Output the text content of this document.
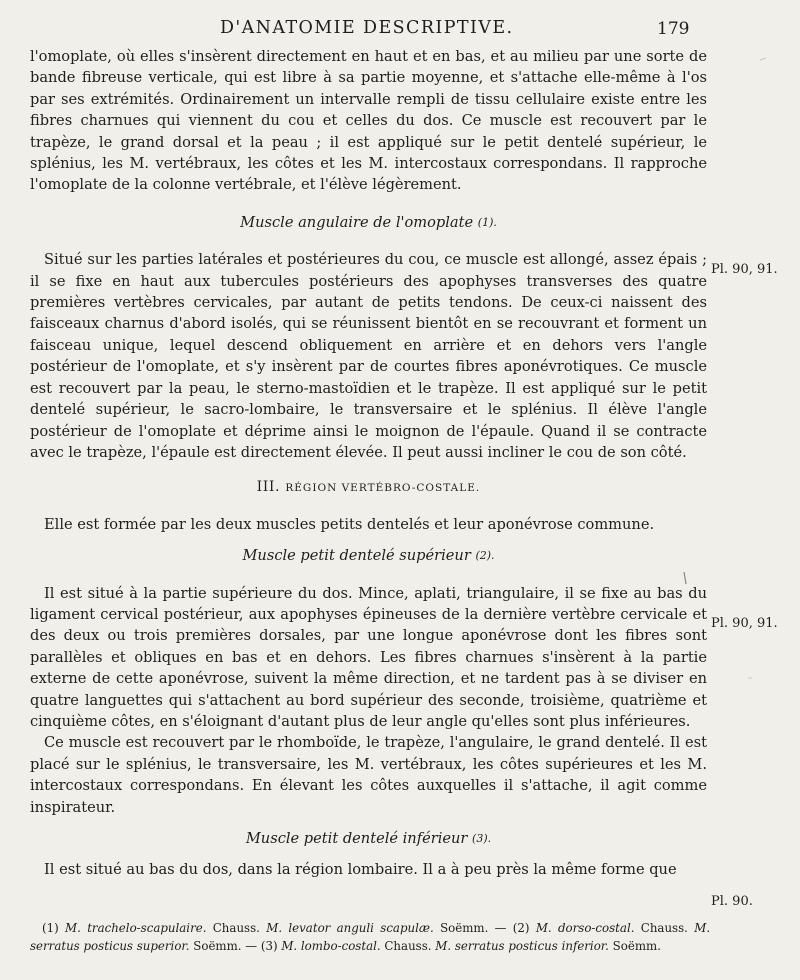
D'ANATOMIE DESCRIPTIVE.	179

l'omoplate, où elles s'insèrent directement en haut et en bas, et au milieu par une sorte de bande fibreuse verticale, qui est libre à sa partie moyenne, et s'attache elle-même à l'os par ses extrémités. Ordinairement un intervalle rempli de tissu cellulaire existe entre les fibres charnues qui viennent du cou et celles du dos. Ce muscle est recouvert par le trapèze, le grand dorsal et la peau ; il est appliqué sur le petit dentelé supérieur, le splénius, les M. vertébraux, les côtes et les M. intercostaux correspondans. Il rapproche l'omoplate de la colonne vertébrale, et l'élève légèrement.

Muscle angulaire de l'omoplate (1).

Situé sur les parties latérales et postérieures du cou, ce muscle est allongé, assez épais ; il se fixe en haut aux tubercules postérieurs des apophyses transverses des quatre premières vertèbres cervicales, par autant de petits tendons. De ceux-ci naissent des faisceaux charnus d'abord isolés, qui se réunissent bientôt en se recouvrant et forment un faisceau unique, lequel descend obliquement en arrière et en dehors vers l'angle postérieur de l'omoplate, et s'y insèrent par de courtes fibres aponévrotiques. Ce muscle est recouvert par la peau, le sterno-mastoïdien et le trapèze. Il est appliqué sur le petit dentelé supérieur, le sacro-lombaire, le transversaire et le splénius. Il élève l'angle postérieur de l'omoplate et déprime ainsi le moignon de l'épaule. Quand il se contracte avec le trapèze, l'épaule est directement élevée. Il peut aussi incliner le cou de son côté.

III. RÉGION VERTÉBRO-COSTALE.

Elle est formée par les deux muscles petits dentelés et leur aponévrose commune.

Muscle petit dentelé supérieur (2).

Il est situé à la partie supérieure du dos. Mince, aplati, triangulaire, il se fixe au bas du ligament cervical postérieur, aux apophyses épineuses de la dernière vertèbre cervicale et des deux ou trois premières dorsales, par une longue aponévrose dont les fibres sont parallèles et obliques en bas et en dehors. Les fibres charnues s'insèrent à la partie externe de cette aponévrose, suivent la même direction, et ne tardent pas à se diviser en quatre languettes qui s'attachent au bord supérieur des seconde, troisième, quatrième et cinquième côtes, en s'éloignant d'autant plus de leur angle qu'elles sont plus inférieures.

Ce muscle est recouvert par le rhomboïde, le trapèze, l'angulaire, le grand dentelé. Il est placé sur le splénius, le transversaire, les M. vertébraux, les côtes supérieures et les M. intercostaux correspondans. En élevant les côtes auxquelles il s'attache, il agit comme inspirateur.

Muscle petit dentelé inférieur (3).

Il est situé au bas du dos, dans la région lombaire. Il a à peu près la même forme que

Pl. 90, 91.
Pl. 90, 91.
Pl. 90.

(1) M. trachelo-scapulaire. Chauss. M. levator anguli scapulæ. Soëmm. — (2) M. dorso-costal. Chauss. M. serratus posticus superior. Soëmm. — (3) M. lombo-costal. Chauss. M. serratus posticus inferior. Soëmm.
